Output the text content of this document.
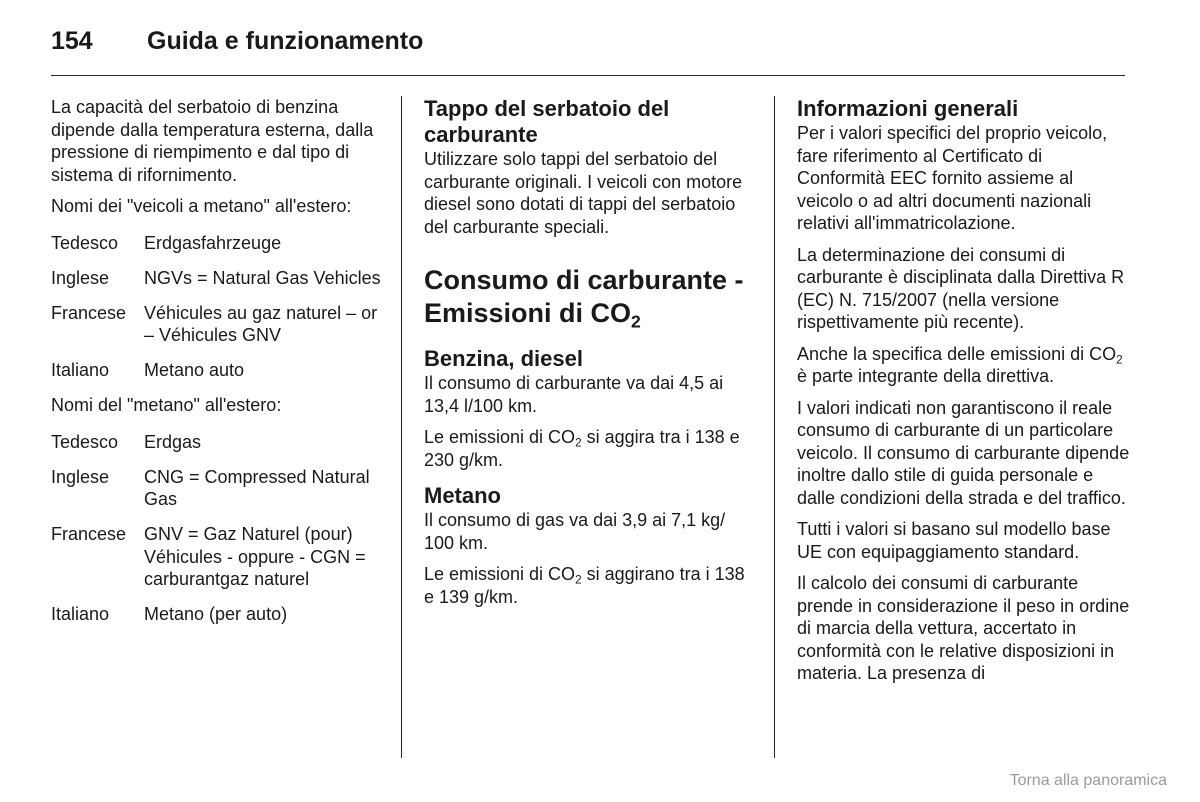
154 Guida e funzionamento

La capacità del serbatoio di benzina dipende dalla temperatura esterna, dalla pressione di riempimento e dal tipo di sistema di rifornimento.

Nomi dei "veicoli a metano" all'estero:

Tedesco	Erdgasfahrzeuge
Inglese	NGVs = Natural Gas Vehicles
Francese Véhicules au gaz naturel – or – Véhicules GNV
Italiano	Metano auto

Nomi del "metano" all'estero:

Tedesco	Erdgas
Inglese	CNG = Compressed Natural Gas
Francese GNV = Gaz Naturel (pour) Véhicules - oppure - CGN = carburantgaz naturel
Italiano	Metano (per auto)
Tappo del serbatoio del carburante

Utilizzare solo tappi del serbatoio del carburante originali. I veicoli con motore diesel sono dotati di tappi del serbatoio del carburante speciali.

Consumo di carburante -
Emissioni di $CO_2$
Benzina, diesel

Il consumo di carburante va dai 4,5 ai 13,4 l/100 km.

Le emissioni di $CO_2$ si aggira tra i 138 e 230 g/km.

Metano

Il consumo di gas va dai 3,9 ai 7,1 kg/ 100 km.

Le emissioni di $CO_2$ si aggirano tra i 138 e 139 g/km.

Informazioni generali

Per i valori specifici del proprio veicolo, fare riferimento al Certificato di Conformità EEC fornito assieme al veicolo o ad altri documenti nazionali relativi all'immatricolazione.

La determinazione dei consumi di carburante è disciplinata dalla Direttiva R (EC) N. 715/2007 (nella versione rispettivamente più recente).

Anche la specifica delle emissioni di $CO_2$ è parte integrante della direttiva.

I valori indicati non garantiscono il reale consumo di carburante di un particolare veicolo. Il consumo di carburante dipende inoltre dallo stile di guida personale e dalle condizioni della strada e del traffico.

Tutti i valori si basano sul modello base UE con equipaggiamento standard.

Il calcolo dei consumi di carburante prende in considerazione il peso in ordine di marcia della vettura, accertato in conformità con le relative disposizioni in materia. La presenza di

Torna alla panoramica
